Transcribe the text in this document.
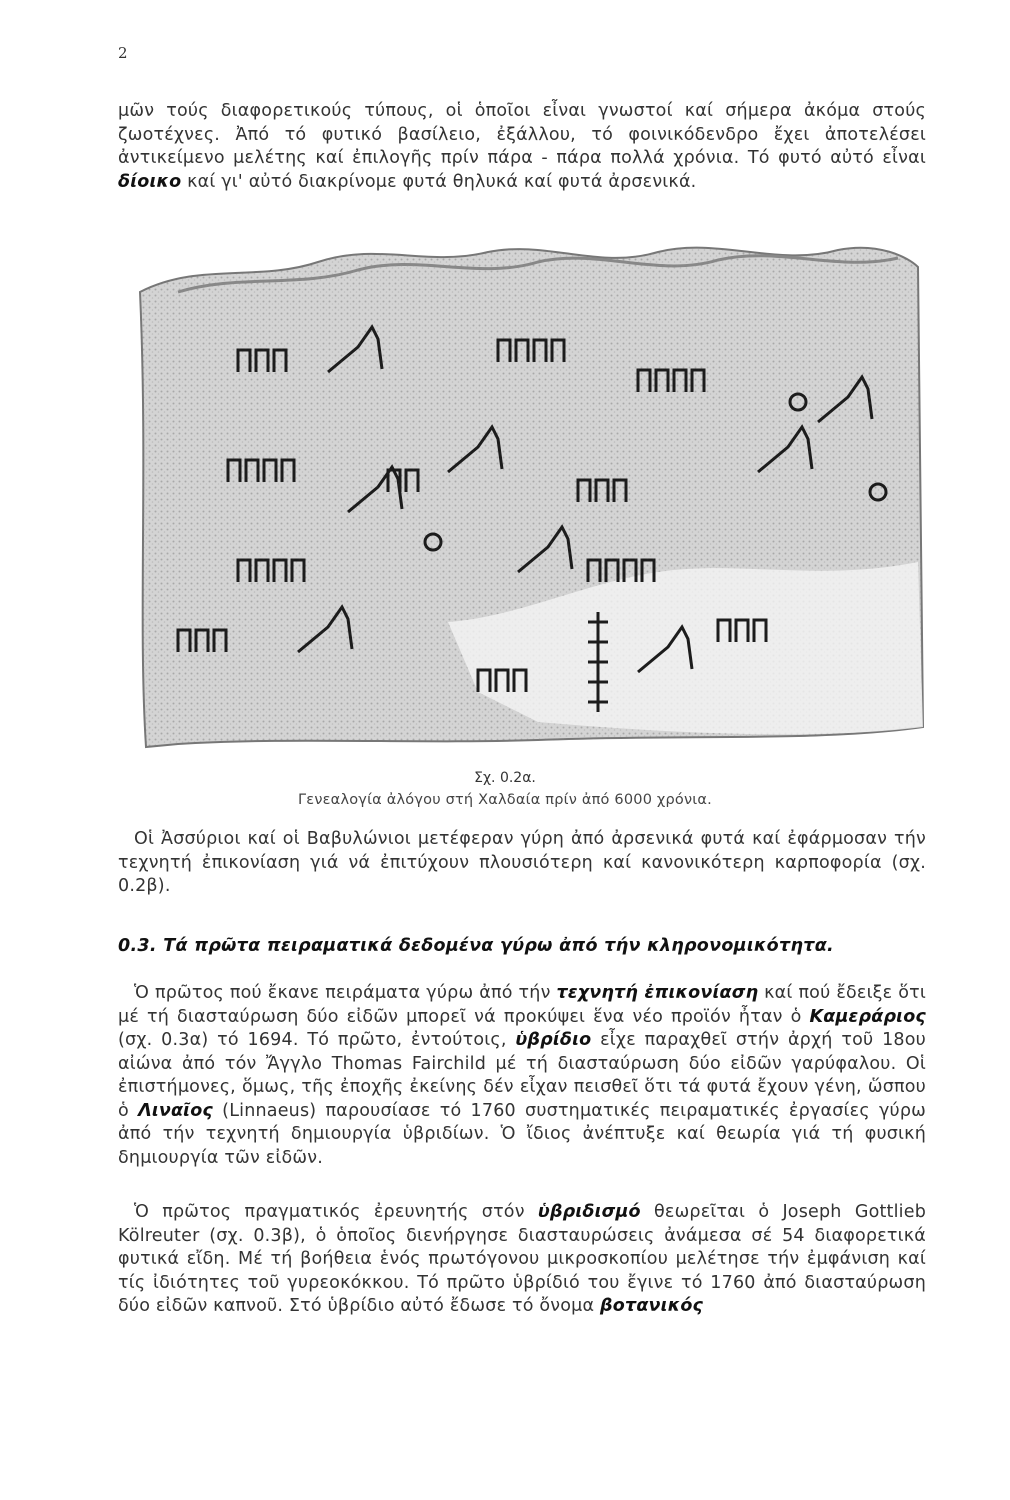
2

μῶν τούς διαφορετικούς τύπους, οἱ ὁποῖοι εἶναι γνωστοί καί σήμερα ἀκόμα στούς ζωοτέχνες. Ἀπό τό φυτικό βασίλειο, ἐξάλλου, τό φοινικόδενδρο ἔχει ἀποτελέσει ἀντικείμενο μελέτης καί ἐπιλογῆς πρίν πάρα - πάρα πολλά χρόνια. Τό φυτό αὐτό εἶναι δίοικο καί γι' αὐτό διακρίνομε φυτά θηλυκά καί φυτά ἀρσενικά.

Σχ. 0.2α.
Γενεαλογία ἀλόγου στή Χαλδαία πρίν ἀπό 6000 χρόνια.

Οἱ Ἀσσύριοι καί οἱ Βαβυλώνιοι μετέφεραν γύρη ἀπό ἀρσενικά φυτά καί ἐφάρμοσαν τήν τεχνητή ἐπικονίαση γιά νά ἐπιτύχουν πλουσιότερη καί κανονικότερη καρποφορία (σχ. 0.2β).

0.3. Τά πρῶτα πειραματικά δεδομένα γύρω ἀπό τήν κληρονομικότητα.

Ὁ πρῶτος πού ἔκανε πειράματα γύρω ἀπό τήν τεχνητή ἐπικονίαση καί πού ἔδειξε ὅτι μέ τή διασταύρωση δύο εἰδῶν μπορεῖ νά προκύψει ἕνα νέο προϊόν ἦταν ὁ Καμεράριος (σχ. 0.3α) τό 1694. Τό πρῶτο, ἐντούτοις, ὑβρίδιο εἶχε παραχθεῖ στήν ἀρχή τοῦ 18ου αἰώνα ἀπό τόν Ἄγγλο Thomas Fairchild μέ τή διασταύρωση δύο εἰδῶν γαρύφαλου. Οἱ ἐπιστήμονες, ὅμως, τῆς ἐποχῆς ἐκείνης δέν εἶχαν πεισθεῖ ὅτι τά φυτά ἔχουν γένη, ὥσπου ὁ Λιναῖος (Linnaeus) παρουσίασε τό 1760 συστηματικές πειραματικές ἐργασίες γύρω ἀπό τήν τεχνητή δημιουργία ὑβριδίων. Ὁ ἴδιος ἀνέπτυξε καί θεωρία γιά τή φυσική δημιουργία τῶν εἰδῶν.

Ὁ πρῶτος πραγματικός ἐρευνητής στόν ὑβριδισμό θεωρεῖται ὁ Joseph Gottlieb Kölreuter (σχ. 0.3β), ὁ ὁποῖος διενήργησε διασταυρώσεις ἀνάμεσα σέ 54 διαφορετικά φυτικά εἴδη. Μέ τή βοήθεια ἑνός πρωτόγονου μικροσκοπίου μελέτησε τήν ἐμφάνιση καί τίς ἰδιότητες τοῦ γυρεοκόκκου. Τό πρῶτο ὑβρίδιό του ἔγινε τό 1760 ἀπό διασταύρωση δύο εἰδῶν καπνοῦ. Στό ὑβρίδιο αὐτό ἔδωσε τό ὄνομα βοτανικός
